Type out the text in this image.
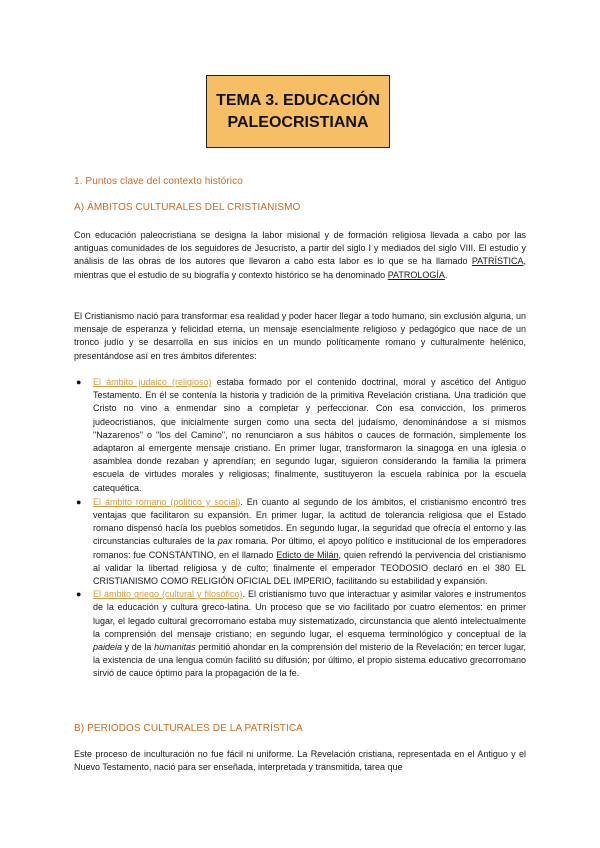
TEMA 3. EDUCACIÓN
PALEOCRISTIANA
1. Puntos clave del contexto histórico
A) ÁMBITOS CULTURALES DEL CRISTIANISMO

Con educación paleocristiana se designa la labor misional y de formación religiosa llevada a cabo por las antiguas comunidades de los seguidores de Jesucristo, a partir del siglo I y mediados del siglo VIII. El estudio y análisis de las obras de los autores que llevaron a cabo esta labor es lo que se ha llamado PATRÍSTICA, mientras que el estudio de su biografía y contexto histórico se ha denominado PATROLOGÍA.

El Cristianismo nació para transformar esa realidad y poder hacer llegar a todo humano, sin exclusión alguna, un mensaje de esperanza y felicidad eterna, un mensaje esencialmente religioso y pedagógico que nace de un tronco judío y se desarrolla en sus inicios en un mundo políticamente romano y culturalmente helénico, presentándose así en tres ámbitos diferentes:

● El ámbito judaico (religioso) estaba formado por el contenido doctrinal, moral y ascético del Antiguo Testamento. En él se contenía la historia y tradición de la primitiva Revelación cristiana. Una tradición que Cristo no vino a enmendar sino a completar y perfeccionar. Con esa convicción, los primeros judeocristianos, que inicialmente surgen como una secta del judaísmo, denominándose a sí mismos "Nazarenos" o "los del Camino", no renunciaron a sus hábitos o cauces de formación, simplemente los adaptaron al emergente mensaje cristiano. En primer lugar, transformaron la sinagoga en una iglesia o asamblea donde rezaban y aprendían; en segundo lugar, siguieron considerando la familia la primera escuela de virtudes morales y religiosas; finalmente, sustituyeron la escuela rabínica por la escuela catequética.
● El ámbito romano (político y social). En cuanto al segundo de los ámbitos, el cristianismo encontró tres ventajas que facilitaron su expansión. En primer lugar, la actitud de tolerancia religiosa que el Estado romano dispensó hacía los pueblos sometidos. En segundo lugar, la seguridad que ofrecía el entorno y las circunstancias culturales de la pax romana. Por último, el apoyo político e institucional de los emperadores romanos: fue CONSTANTINO, en el llamado Edicto de Milán, quien refrendó la pervivencia del cristianismo al validar la libertad religiosa y de culto; finalmente el emperador TEODOSIO declaró en el 380 EL CRISTIANISMO COMO RELIGIÓN OFICIAL DEL IMPERIO, facilitando su estabilidad y expansión.
● El ámbito griego (cultural y filosófico). El cristianismo tuvo que interactuar y asimilar valores e instrumentos de la educación y cultura greco-latina. Un proceso que se vio facilitado por cuatro elementos: en primer lugar, el legado cultural grecorromano estaba muy sistematizado, circunstancia que alentó intelectualmente la comprensión del mensaje cristiano; en segundo lugar, el esquema terminológico y conceptual de la paideia y de la humanitas permitió ahondar en la comprensión del misterio de la Revelación; en tercer lugar, la existencia de una lengua común facilitó su difusión; por último, el propio sistema educativo grecorromano sirvió de cauce óptimo para la propagación de la fe.
B) PERIODOS CULTURALES DE LA PATRÍSTICA

Este proceso de inculturación no fue fácil ni uniforme. La Revelación cristiana, representada en el Antiguo y el Nuevo Testamento, nació para ser enseñada, interpretada y transmitida, tarea que
